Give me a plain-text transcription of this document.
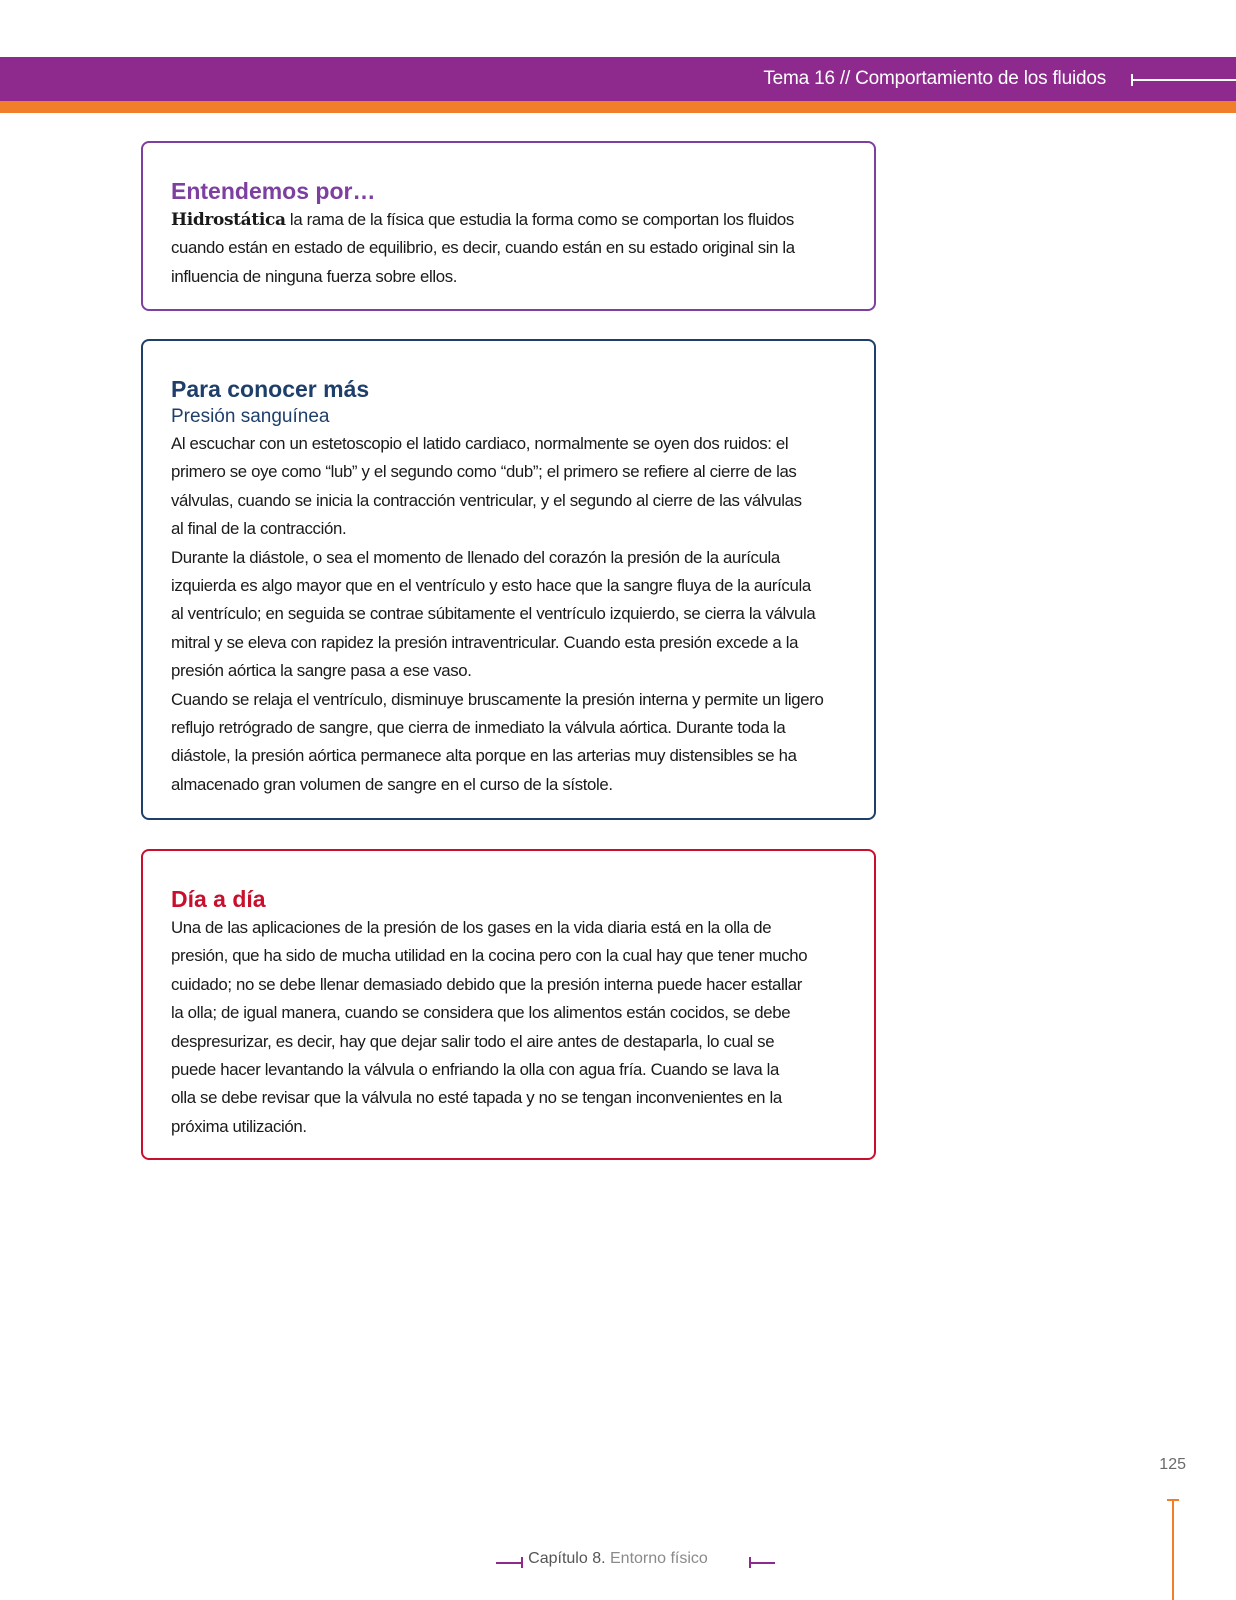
Tema 16 // Comportamiento de los fluidos
Entendemos por…

Hidrostática la rama de la física que estudia la forma como se comportan los fluidos
cuando están en estado de equilibrio, es decir, cuando están en su estado original sin la
influencia de ninguna fuerza sobre ellos.

Para conocer más

Presión sanguínea

Al escuchar con un estetoscopio el latido cardiaco, normalmente se oyen dos ruidos: el
primero se oye como “lub” y el segundo como “dub”; el primero se refiere al cierre de las
válvulas, cuando se inicia la contracción ventricular, y el segundo al cierre de las válvulas
al final de la contracción.
Durante la diástole, o sea el momento de llenado del corazón la presión de la aurícula
izquierda es algo mayor que en el ventrículo y esto hace que la sangre fluya de la aurícula
al ventrículo; en seguida se contrae súbitamente el ventrículo izquierdo, se cierra la válvula
mitral y se eleva con rapidez la presión intraventricular. Cuando esta presión excede a la
presión aórtica la sangre pasa a ese vaso.
Cuando se relaja el ventrículo, disminuye bruscamente la presión interna y permite un ligero
reflujo retrógrado de sangre, que cierra de inmediato la válvula aórtica. Durante toda la
diástole, la presión aórtica permanece alta porque en las arterias muy distensibles se ha
almacenado gran volumen de sangre en el curso de la sístole.

Día a día

Una de las aplicaciones de la presión de los gases en la vida diaria está en la olla de
presión, que ha sido de mucha utilidad en la cocina pero con la cual hay que tener mucho
cuidado; no se debe llenar demasiado debido que la presión interna puede hacer estallar
la olla; de igual manera, cuando se considera que los alimentos están cocidos, se debe
despresurizar, es decir, hay que dejar salir todo el aire antes de destaparla, lo cual se
puede hacer levantando la válvula o enfriando la olla con agua fría. Cuando se lava la
olla se debe revisar que la válvula no esté tapada y no se tengan inconvenientes en la
próxima utilización.

125
Capítulo 8. Entorno físico
